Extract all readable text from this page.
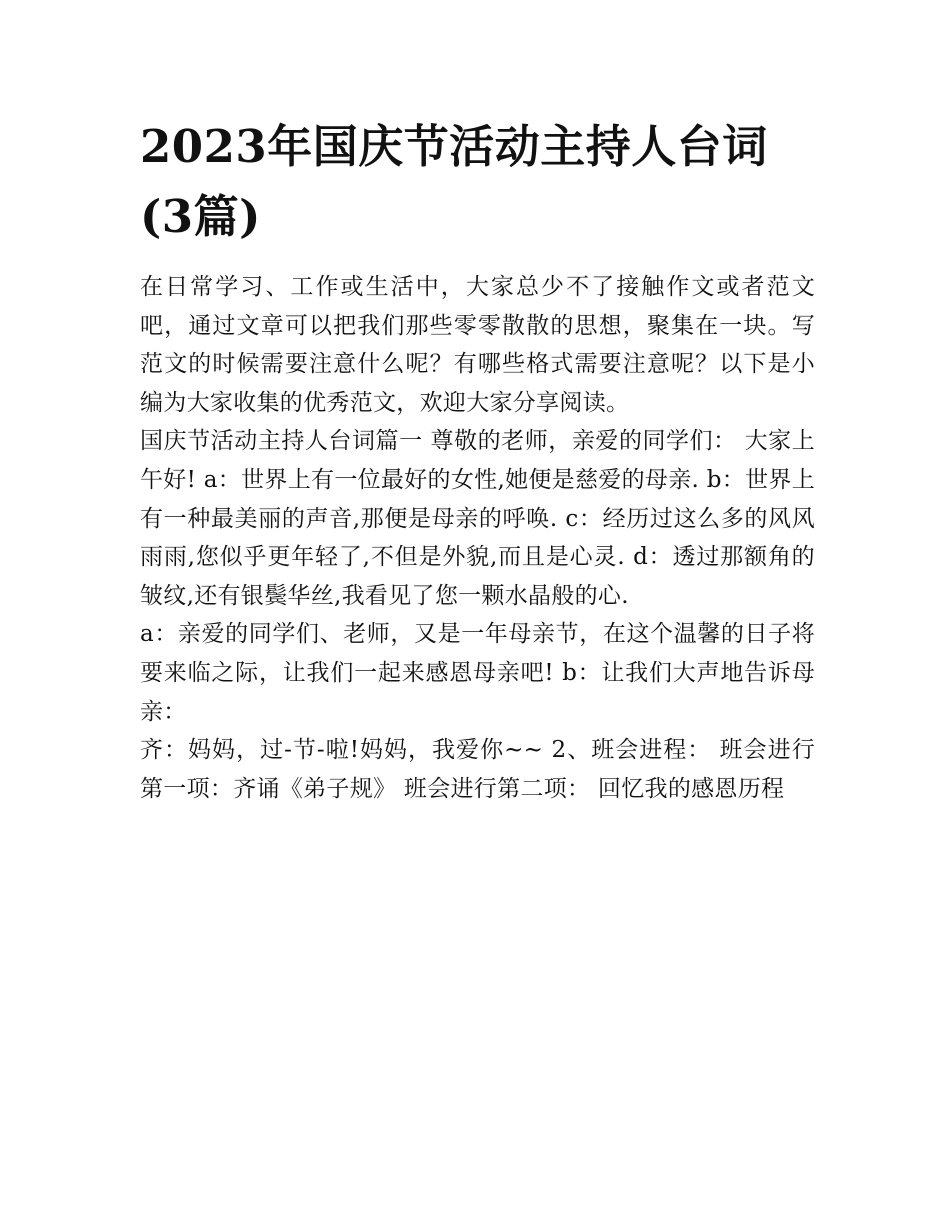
2023年国庆节活动主持人台词(3篇)

在日常学习、工作或生活中，大家总少不了接触作文或者范文吧，通过文章可以把我们那些零零散散的思想，聚集在一块。写范文的时候需要注意什么呢？有哪些格式需要注意呢？以下是小编为大家收集的优秀范文，欢迎大家分享阅读。

国庆节活动主持人台词篇一 尊敬的老师，亲爱的同学们： 大家上午好! a：世界上有一位最好的女性,她便是慈爱的母亲. b：世界上有一种最美丽的声音,那便是母亲的呼唤. c：经历过这么多的风风雨雨,您似乎更年轻了,不但是外貌,而且是心灵. d：透过那额角的皱纹,还有银鬓华丝,我看见了您一颗水晶般的心.

a：亲爱的同学们、老师，又是一年母亲节，在这个温馨的日子将要来临之际，让我们一起来感恩母亲吧! b：让我们大声地告诉母亲：

齐：妈妈，过-节-啦!妈妈，我爱你~~ 2、班会进程： 班会进行第一项：齐诵《弟子规》 班会进行第二项： 回忆我的感恩历程
